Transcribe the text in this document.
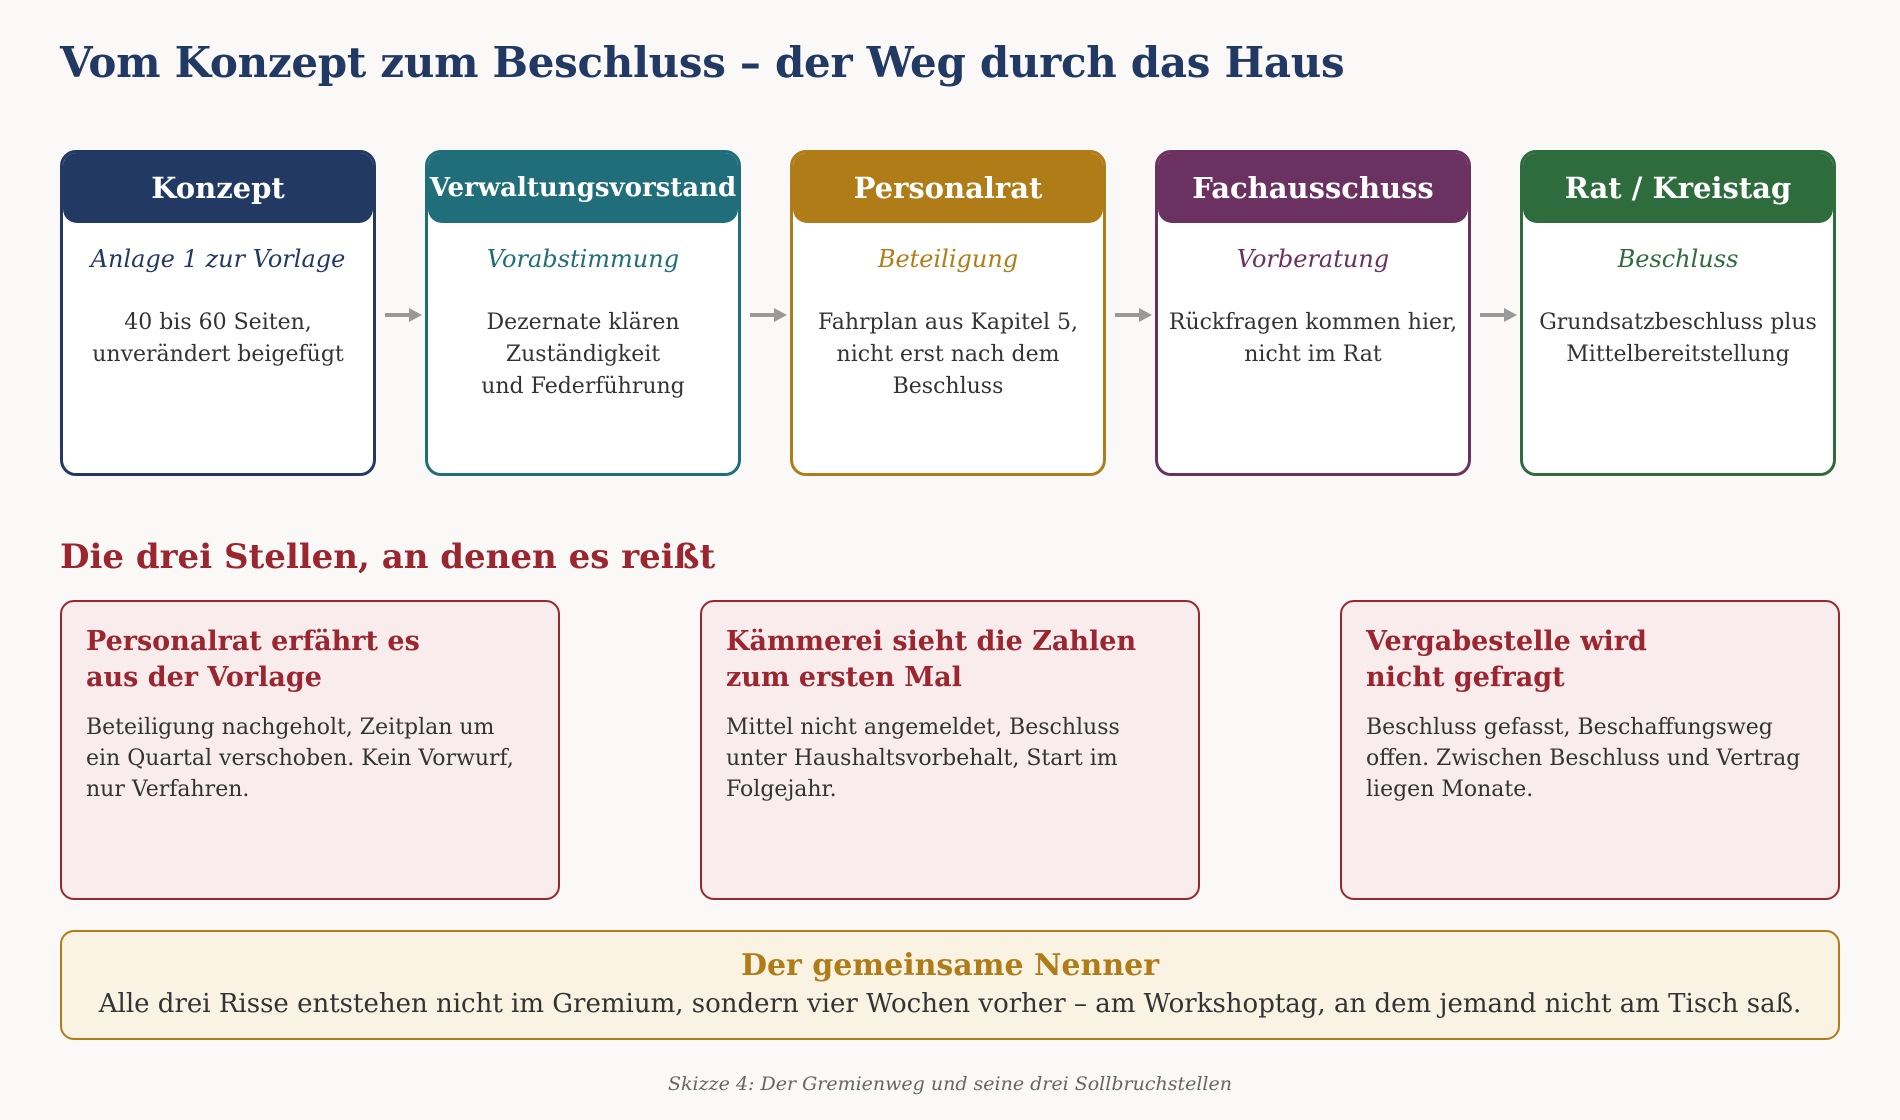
Vom Konzept zum Beschluss – der Weg durch das Haus
Konzept
Anlage 1 zur Vorlage
40 bis 60 Seiten,
unverändert beigefügt
Verwaltungsvorstand
Vorabstimmung
Dezernate klären Zuständigkeit
und Federführung
Personalrat
Beteiligung
Fahrplan aus Kapitel 5,
nicht erst nach dem Beschluss
Fachausschuss
Vorberatung
Rückfragen kommen hier,
nicht im Rat
Rat / Kreistag
Beschluss
Grundsatzbeschluss plus
Mittelbereitstellung
Die drei Stellen, an denen es reißt
Personalrat erfährt es
aus der Vorlage
Beteiligung nachgeholt, Zeitplan um ein Quartal verschoben. Kein Vorwurf, nur Verfahren.
Kämmerei sieht die Zahlen
zum ersten Mal
Mittel nicht angemeldet, Beschluss unter Haushaltsvorbehalt, Start im Folgejahr.
Vergabestelle wird
nicht gefragt
Beschluss gefasst, Beschaffungsweg offen. Zwischen Beschluss und Vertrag liegen Monate.
Der gemeinsame Nenner
Alle drei Risse entstehen nicht im Gremium, sondern vier Wochen vorher – am Workshoptag, an dem jemand nicht am Tisch saß.
Skizze 4: Der Gremienweg und seine drei Sollbruchstellen
